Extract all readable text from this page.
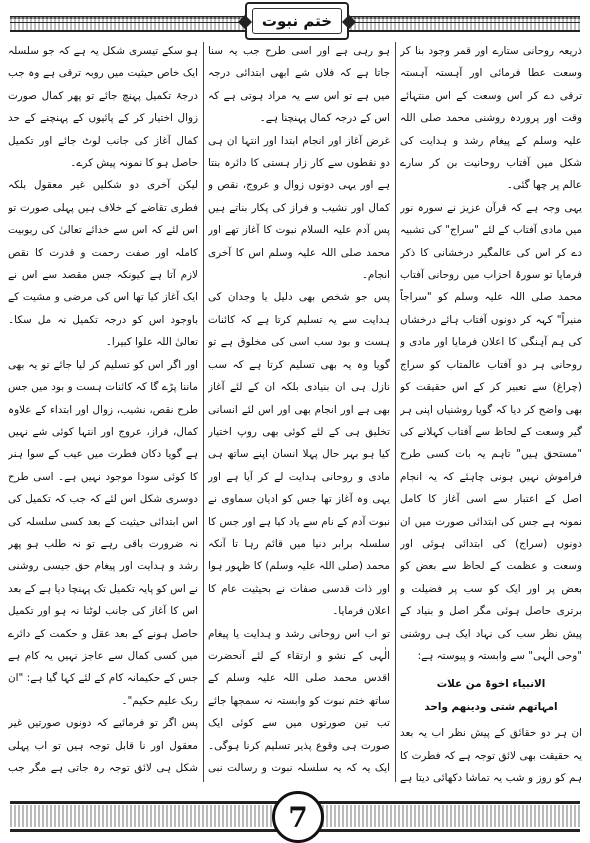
ختم نبوت

ذریعہ روحانی ستارے اور قمر وجود بنا کر وسعت عطا فرمائی اور آہستہ آہستہ ترقی دے کر اس وسعت کے اس منتہائے وقت اور پروردہ روشنی محمد صلی اللہ علیہ وسلم کے پیغام رشد و ہدایت کی شکل میں آفتاب روحانیت بن کر سارے عالم پر چھا گئی۔

یہی وجہ ہے کہ قرآن عزیز نے سورہ نور میں مادی آفتاب کے لئے "سراج" کی تشبیہ دے کر اس کی عالمگیر درخشانی کا ذکر فرمایا تو سورۂ احزاب میں روحانی آفتاب محمد صلی اللہ علیہ وسلم کو "سراجاً منیراً" کہہ کر دونوں آفتاب ہائے درخشاں کی ہم آہنگی کا اعلان فرمایا اور مادی و روحانی ہر دو آفتاب عالمتاب کو سراج (چراغ) سے تعبیر کر کے اس حقیقت کو بھی واضح کر دیا کہ گویا روشنیاں اپنی ہر گیر وسعت کے لحاظ سے آفتاب کہلانے کی "مستحق ہیں" تاہم یہ بات کسی طرح فراموش نہیں ہونی چاہئے کہ یہ انجام اصل کے اعتبار سے اسی آغاز کا کامل نمونہ ہے جس کی ابتدائی صورت میں ان دونوں (سراج) کی ابتدائی ہوئی اور وسعت و عظمت کے لحاظ سے بعض کو بعض پر اور ایک کو سب پر فضیلت و برتری حاصل ہوئی مگر اصل و بنیاد کے پیش نظر سب کی نہاد ایک ہی روشنی "وحی الٰہی" سے وابستہ و پیوستہ ہے:

الانبیاء اخوۃ من علات
امہاتھم شتی ودینھم واحد

ان ہر دو حقائق کے پیش نظر اب یہ بعد یہ حقیقت بھی لائق توجہ ہے کہ فطرت کا ہم کو روز و شب یہ تماشا دکھائی دیتا ہے

ہو رہی ہے اور اسی طرح جب یہ سنا جاتا ہے کہ فلاں شے ابھی ابتدائی درجہ میں ہے تو اس سے یہ مراد ہوتی ہے کہ اس کے درجہ کمال پہنچنا ہے۔

غرض آغاز اور انجام ابتدا اور انتہا ان ہی دو نقطوں سے کار زار ہستی کا دائرہ بنتا ہے اور یہی دونوں زوال و عروج، نقص و کمال اور نشیب و فراز کی پکار بناتے ہیں پس آدم علیہ السلام نبوت کا آغاز تھے اور محمد صلی اللہ علیہ وسلم اس کا آخری انجام۔

پس جو شخص بھی دلیل یا وجدان کی ہدایت سے یہ تسلیم کرتا ہے کہ کائنات ہست و بود سب اسی کی مخلوق ہے تو گویا وہ یہ بھی تسلیم کرتا ہے کہ سب نازل ہی ان بنیادی بلکہ ان کے لئے آغاز بھی ہے اور انجام بھی اور اس لئے انسانی تخلیق ہی کے لئے کوئی بھی روپ اختیار کیا ہو بہر حال پہلا انسان اپنے ساتھ ہی مادی و روحانی ہدایت لے کر آیا ہے اور یہی وہ آغاز تھا جس کو ادیان سماوی نے نبوت آدم کے نام سے یاد کیا ہے اور جس کا سلسلہ برابر دنیا میں قائم رہا تا آنکہ محمد (صلی اللہ علیہ وسلم) کا ظہور ہوا اور ذات قدسی صفات نے بحیثیت عام کا اعلان فرمایا۔

تو اب اس روحانی رشد و ہدایت یا پیغام الٰہی کے نشو و ارتقاء کے لئے آنحضرت اقدس محمد صلی اللہ علیہ وسلم کے ساتھ ختم نبوت کو وابستہ نہ سمجھا جائے تب تین صورتوں میں سے کوئی ایک صورت ہی وقوع پذیر تسلیم کرنا ہوگی۔ ایک یہ کہ یہ سلسلہ نبوت و رسالت نبی

ہو سکے تیسری شکل یہ ہے کہ جو سلسلہ ایک خاص حیثیت میں روبہ ترقی ہے وہ جب درجۂ تکمیل پہنچ جائے تو پھر کمال صورت زوال اختیار کر کے پائیوں کے پہنچنے کے حد کمال آغاز کی جانب لوٹ جائے اور تکمیل حاصل ہو کا نمونہ پیش کرے۔

لیکن آخری دو شکلیں غیر معقول بلکہ فطری تقاضے کے خلاف ہیں پہلی صورت تو اس لئے کہ اس سے خدائے تعالیٰ کی ربوبیت کاملہ اور صفت رحمت و قدرت کا نقص لازم آتا ہے کیونکہ جس مقصد سے اس نے ایک آغاز کیا تھا اس کی مرضی و مشیت کے باوجود اس کو درجہ تکمیل نہ مل سکا۔ تعالیٰ اللہ علوا کبیرا۔

اور اگر اس کو تسلیم کر لیا جائے تو یہ بھی ماننا پڑے گا کہ کائنات ہست و بود میں جس طرح نقص، نشیب، زوال اور ابتداء کے علاوہ کمال، فراز، عروج اور انتہا کوئی شے نہیں ہے گویا دکان فطرت میں عیب کے سوا ہنر کا کوئی سودا موجود نہیں ہے۔ اسی طرح دوسری شکل اس لئے کہ جب کہ تکمیل کی اس ابتدائی حیثیت کے بعد کسی سلسلہ کی نہ ضرورت باقی رہے تو نہ طلب ہو پھر رشد و ہدایت اور پیغام حق جیسی روشنی نے اس کو پایہ تکمیل تک پہنچا دیا ہے کے بعد اس کا آغاز کی جانب لوٹنا نہ ہو اور تکمیل حاصل ہونے کے بعد عقل و حکمت کے دائرے میں کسی کمال سے عاجز نہیں یہ کام ہے جس کے حکیمانہ کام کے لئے کہا گیا ہے: "ان ربک علیم حکیم"۔

پس اگر تو فرمائیے کہ دونوں صورتیں غیر معقول اور نا قابل توجہ ہیں تو اب پہلی شکل ہی لائق توجہ رہ جاتی ہے مگر جب

7
